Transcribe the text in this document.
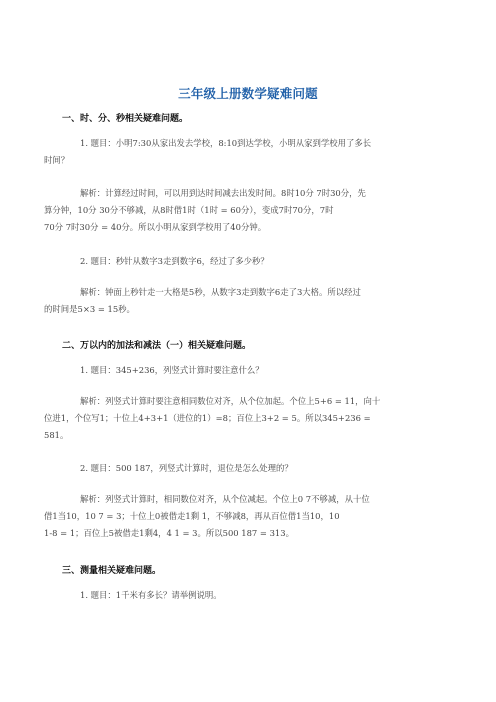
三年级上册数学疑难问题
一、时、分、秒相关疑难问题。
1. 题目：小明7:30从家出发去学校，8:10到达学校，小明从家到学校用了多长
时间？
解析：计算经过时间，可以用到达时间减去出发时间。8时10分 7时30分，先
算分钟，10分 30分不够减，从8时借1时（1时 = 60分），变成7时70分，7时
70分 7时30分 = 40分。所以小明从家到学校用了40分钟。
2. 题目：秒针从数字3走到数字6，经过了多少秒？
解析：钟面上秒针走一大格是5秒，从数字3走到数字6走了3大格。所以经过
的时间是5×3 = 15秒。
二、万以内的加法和减法（一）相关疑难问题。
1. 题目：345+236，列竖式计算时要注意什么？
解析：列竖式计算时要注意相同数位对齐，从个位加起。个位上5+6 = 11，向十
位进1，个位写1；十位上4+3+1（进位的1）=8；百位上3+2 = 5。所以345+236 =
581。
2. 题目：500 187，列竖式计算时，退位是怎么处理的？
解析：列竖式计算时，相同数位对齐，从个位减起。个位上0 7不够减，从十位
借1当10，10 7 = 3；十位上0被借走1剩 1，不够减8，再从百位借1当10，10
1-8 = 1；百位上5被借走1剩4，4 1 = 3。所以500 187 = 313。
三、测量相关疑难问题。
1. 题目：1千米有多长？请举例说明。
